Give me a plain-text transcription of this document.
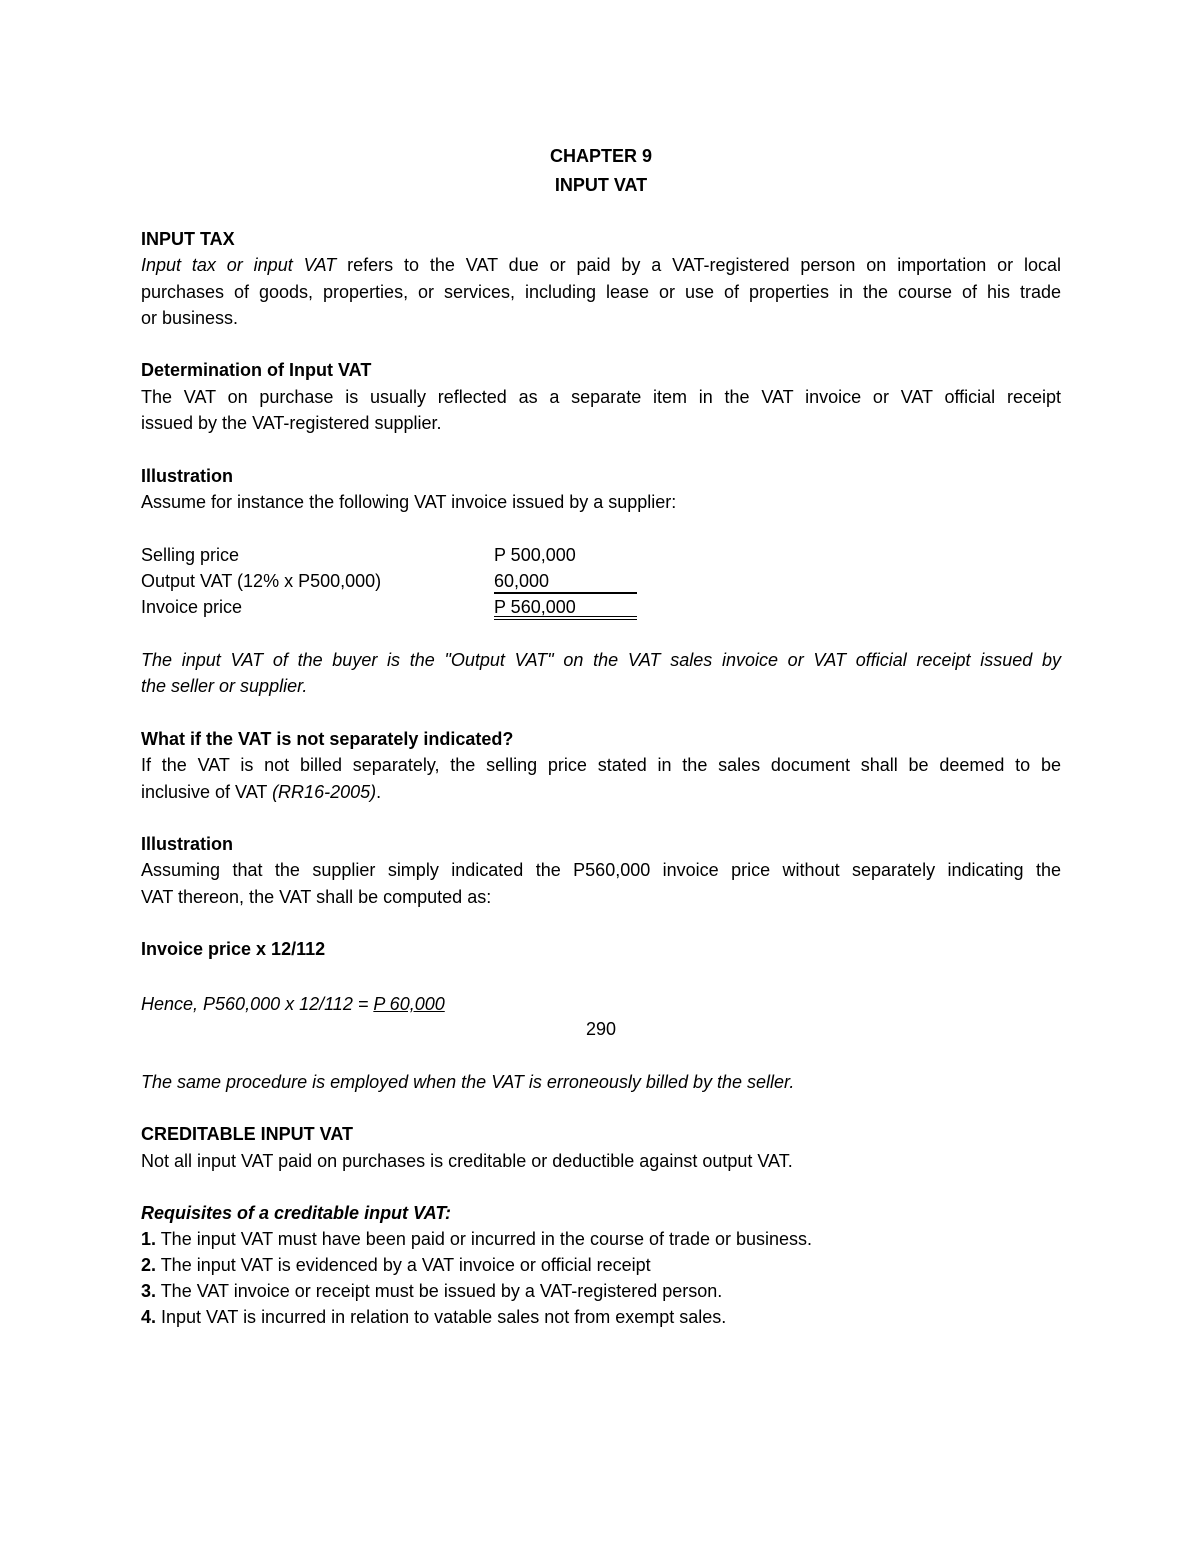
CHAPTER 9
INPUT VAT
INPUT TAX
Input tax or input VAT refers to the VAT due or paid by a VAT-registered person on importation or local
purchases of goods, properties, or services, including lease or use of properties in the course of his trade
or business.
Determination of Input VAT
The VAT on purchase is usually reflected as a separate item in the VAT invoice or VAT official receipt
issued by the VAT-registered supplier.
Illustration
Assume for instance the following VAT invoice issued by a supplier:
Selling price	P 500,000
Output VAT (12% x P500,000)	60,000
Invoice price	P 560,000
The input VAT of the buyer is the "Output VAT" on the VAT sales invoice or VAT official receipt issued by
the seller or supplier.
What if the VAT is not separately indicated?
If the VAT is not billed separately, the selling price stated in the sales document shall be deemed to be
inclusive of VAT (RR16-2005).
Illustration
Assuming that the supplier simply indicated the P560,000 invoice price without separately indicating the
VAT thereon, the VAT shall be computed as:
Invoice price x 12/112
Hence, P560,000 x 12/112 = P 60,000
290
The same procedure is employed when the VAT is erroneously billed by the seller.
CREDITABLE INPUT VAT
Not all input VAT paid on purchases is creditable or deductible against output VAT.
Requisites of a creditable input VAT:
1. The input VAT must have been paid or incurred in the course of trade or business.
2. The input VAT is evidenced by a VAT invoice or official receipt
3. The VAT invoice or receipt must be issued by a VAT-registered person.
4. Input VAT is incurred in relation to vatable sales not from exempt sales.
